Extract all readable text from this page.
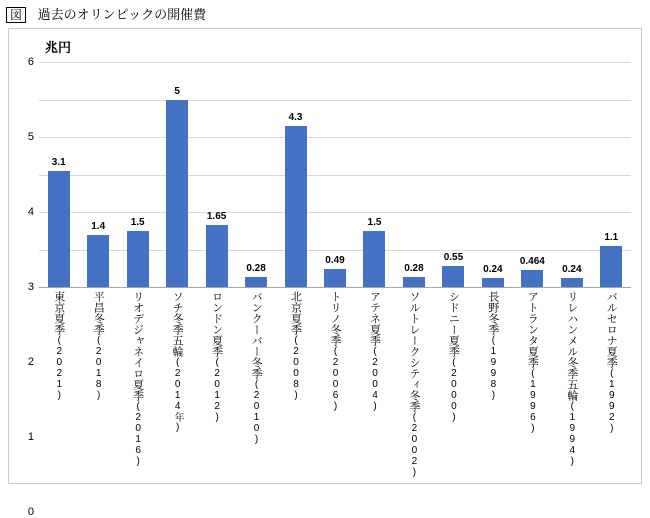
図 過去のオリンピックの開催費
兆円
0
1
2
3
4
5
6
3.1
1.4	1.5
5
1.65
0.28
4.3
0.49
1.5
0.28
0.55
0.24
0.464
0.24
1.1
東京夏季(2021)
平昌冬季(2018) リオデジャネイロ夏季(2016)
ソチ冬季五輪(2014年)
ロンドン夏季(2012)
バンクーバー冬季(2010)
北京夏季(2008)
トリノ冬季(2006)
アテネ夏季(2004) ソルトレークシティ冬季(2002)
シドニー夏季(2000)
長野冬季(1998) アトランタ夏季(1996) リレハンメル冬季五輪(1994)
バルセロナ夏季(1992)
